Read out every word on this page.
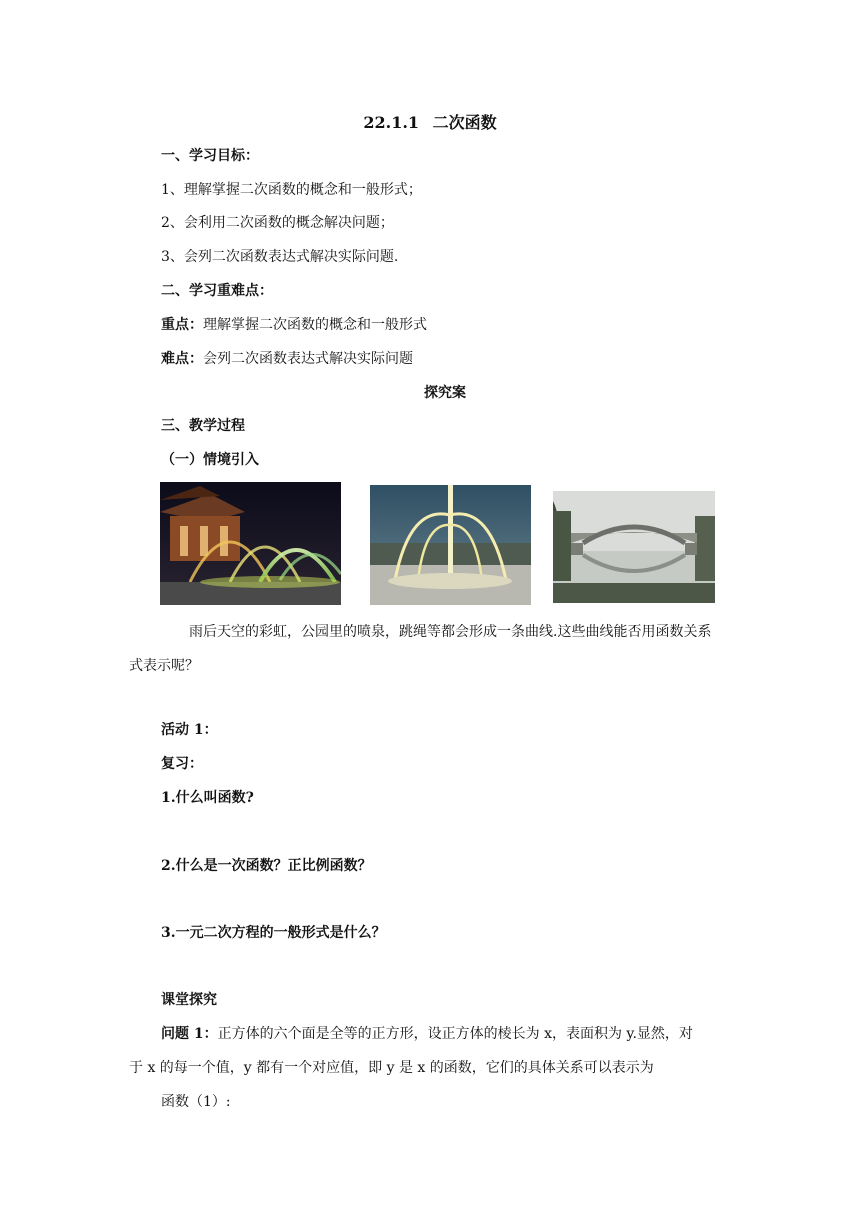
22.1.1 二次函数
一、学习目标：
1、理解掌握二次函数的概念和一般形式；
2、会利用二次函数的概念解决问题；
3、会列二次函数表达式解决实际问题.
二、学习重难点：
重点：理解掌握二次函数的概念和一般形式
难点：会列二次函数表达式解决实际问题
探究案
三、教学过程
（一）情境引入
雨后天空的彩虹，公园里的喷泉，跳绳等都会形成一条曲线.这些曲线能否用函数关系
式表示呢？
活动 1：
复习：
1.什么叫函数?
2.什么是一次函数？正比例函数？
3.一元二次方程的一般形式是什么？
课堂探究
问题 1：正方体的六个面是全等的正方形，设正方体的棱长为 x，表面积为 y.显然，对
于 x 的每一个值，y 都有一个对应值，即 y 是 x 的函数，它们的具体关系可以表示为
函数（1）:
